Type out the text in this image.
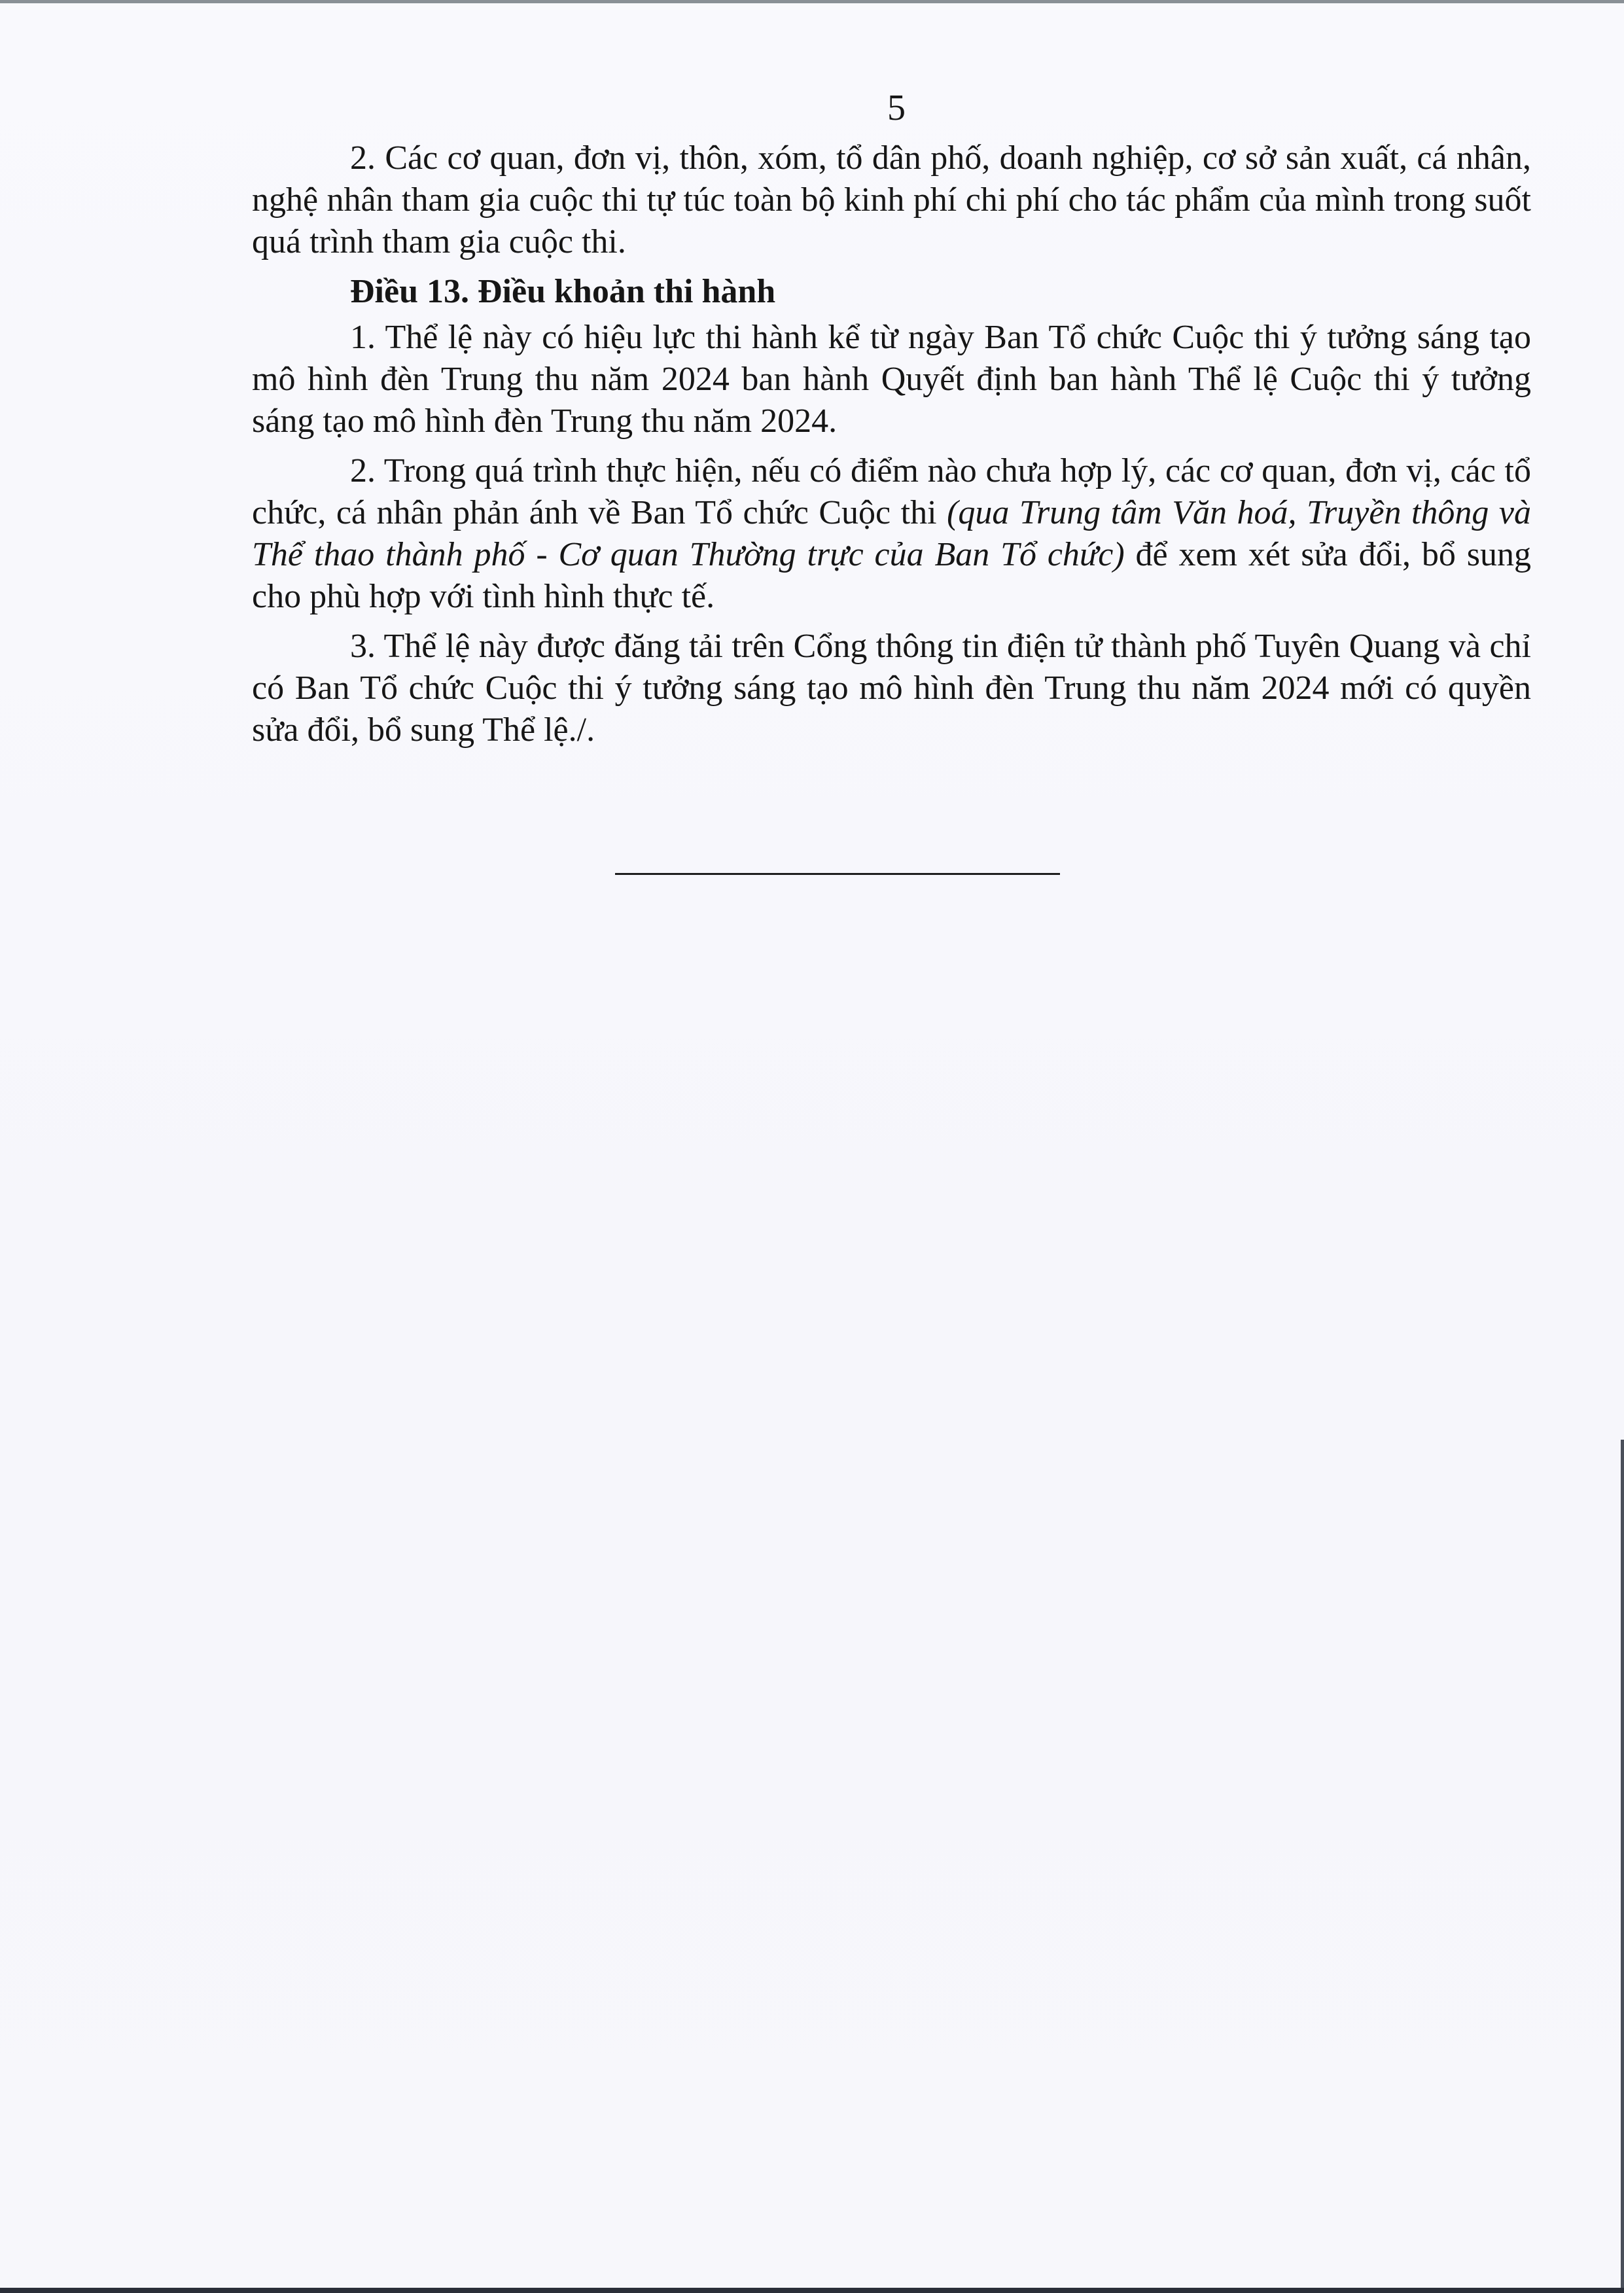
5

2. Các cơ quan, đơn vị, thôn, xóm, tổ dân phố, doanh nghiệp, cơ sở sản xuất, cá nhân, nghệ nhân tham gia cuộc thi tự túc toàn bộ kinh phí chi phí cho tác phẩm của mình trong suốt quá trình tham gia cuộc thi.

Điều 13. Điều khoản thi hành

1. Thể lệ này có hiệu lực thi hành kể từ ngày Ban Tổ chức Cuộc thi ý tưởng sáng tạo mô hình đèn Trung thu năm 2024 ban hành Quyết định ban hành Thể lệ Cuộc thi ý tưởng sáng tạo mô hình đèn Trung thu năm 2024.

2. Trong quá trình thực hiện, nếu có điểm nào chưa hợp lý, các cơ quan, đơn vị, các tổ chức, cá nhân phản ánh về Ban Tổ chức Cuộc thi (qua Trung tâm Văn hoá, Truyền thông và Thể thao thành phố - Cơ quan Thường trực của Ban Tổ chức) để xem xét sửa đổi, bổ sung cho phù hợp với tình hình thực tế.

3. Thể lệ này được đăng tải trên Cổng thông tin điện tử thành phố Tuyên Quang và chỉ có Ban Tổ chức Cuộc thi ý tưởng sáng tạo mô hình đèn Trung thu năm 2024 mới có quyền sửa đổi, bổ sung Thể lệ./.
